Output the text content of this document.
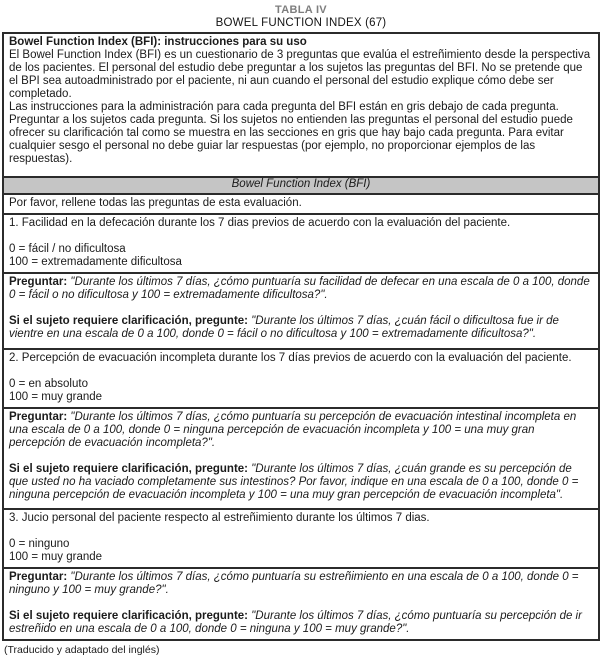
TABLA IV
BOWEL FUNCTION INDEX (67)
Bowel Function Index (BFI): instrucciones para su uso
El Bowel Function Index (BFI) es un cuestionario de 3 preguntas que evalúa el estreñimiento desde la perspectiva de los pacientes. El personal del estudio debe preguntar a los sujetos las preguntas del BFI. No se pretende que el BPI sea autoadministrado por el paciente, ni aun cuando el personal del estudio explique cómo debe ser completado.
Las instrucciones para la administración para cada pregunta del BFI están en gris debajo de cada pregunta. Preguntar a los sujetos cada pregunta. Si los sujetos no entienden las preguntas el personal del estudio puede ofrecer su clarificación tal como se muestra en las secciones en gris que hay bajo cada pregunta. Para evitar cualquier sesgo el personal no debe guiar lar respuestas (por ejemplo, no proporcionar ejemplos de las respuestas).
Bowel Function Index (BFI)
Por favor, rellene todas las preguntas de esta evaluación.
1. Facilidad en la defecación durante los 7 dias previos de acuerdo con la evaluación del paciente.
0 = fácil / no dificultosa
100 = extremadamente dificultosa
Preguntar: "Durante los últimos 7 días, ¿cómo puntuaría su facilidad de defecar en una escala de 0 a 100, donde 0 = fácil o no dificultosa y 100 = extremadamente dificultosa?".
Si el sujeto requiere clarificación, pregunte: "Durante los últimos 7 días, ¿cuán fácil o dificultosa fue ir de vientre en una escala de 0 a 100, donde 0 = fácil o no dificultosa y 100 = extremadamente dificultosa?".
2. Percepción de evacuación incompleta durante los 7 días previos de acuerdo con la evaluación del paciente.
0 = en absoluto
100 = muy grande
Preguntar: "Durante los últimos 7 días, ¿cómo puntuaría su percepción de evacuación intestinal incompleta en una escala de 0 a 100, donde 0 = ninguna percepción de evacuación incompleta y 100 = una muy gran percepción de evacuación incompleta?".
Si el sujeto requiere clarificación, pregunte: "Durante los últimos 7 días, ¿cuán grande es su percepción de que usted no ha vaciado completamente sus intestinos? Por favor, indique en una escala de 0 a 100, donde 0 = ninguna percepción de evacuación incompleta y 100 = una muy gran percepción de evacuación incompleta".
3. Jucio personal del paciente respecto al estreñimiento durante los últimos 7 dias.
0 = ninguno
100 = muy grande
Preguntar: "Durante los últimos 7 días, ¿cómo puntuaría su estreñimiento en una escala de 0 a 100, donde 0 = ninguno y 100 = muy grande?".
Si el sujeto requiere clarificación, pregunte: "Durante los últimos 7 días, ¿cómo puntuaría su percepción de ir estreñido en una escala de 0 a 100, donde 0 = ninguna y 100 = muy grande?".
(Traducido y adaptado del inglés)
